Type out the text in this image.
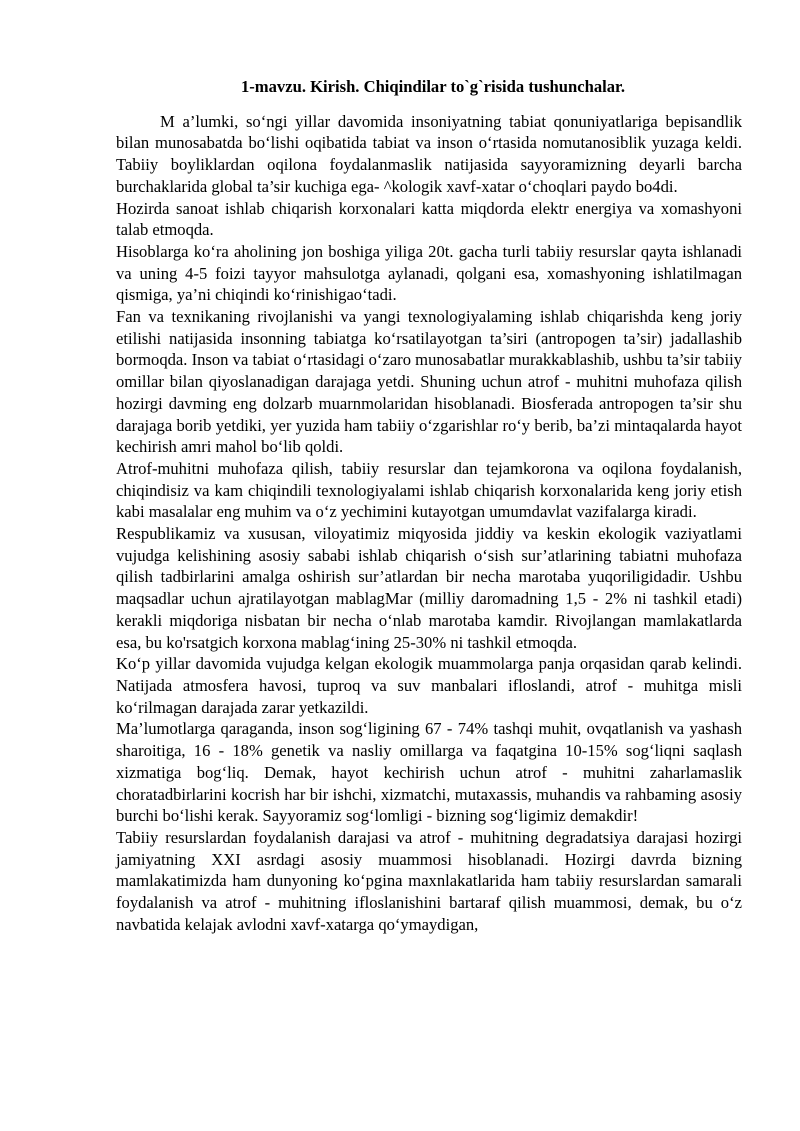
1-mavzu. Kirish. Chiqindilar to`g`risida tushunchalar.

M a’lumki, so‘ngi yillar davomida insoniyatning tabiat qonuniyatlariga bepisandlik bilan munosabatda bo‘lishi oqibatida tabiat va inson o‘rtasida nomutanosiblik yuzaga keldi. Tabiiy boyliklardan oqilona foydalanmaslik natijasida sayyoramizning deyarli barcha burchaklarida global ta’sir kuchiga ega- ^kologik xavf-xatar o‘choqlari paydo bo4di.

Hozirda sanoat ishlab chiqarish korxonalari katta miqdorda elektr energiya va xomashyoni talab etmoqda.

Hisoblarga ko‘ra aholining jon boshiga yiliga 20t. gacha turli tabiiy resurslar qayta ishlanadi va uning 4-5 foizi tayyor mahsulotga aylanadi, qolgani esa, xomashyoning ishlatilmagan qismiga, ya’ni chiqindi ko‘rinishigao‘tadi.

Fan va texnikaning rivojlanishi va yangi texnologiyalaming ishlab chiqarishda keng joriy etilishi natijasida insonning tabiatga ko‘rsatilayotgan ta’siri (antropogen ta’sir) jadallashib bormoqda. Inson va tabiat o‘rtasidagi o‘zaro munosabatlar murakkablashib, ushbu ta’sir tabiiy omillar bilan qiyoslanadigan darajaga yetdi. Shuning uchun atrof - muhitni muhofaza qilish hozirgi davming eng dolzarb muarnmolaridan hisoblanadi. Biosferada antropogen ta’sir shu darajaga borib yetdiki, yer yuzida ham tabiiy o‘zgarishlar ro‘y berib, ba’zi mintaqalarda hayot kechirish amri mahol bo‘lib qoldi.

Atrof-muhitni muhofaza qilish, tabiiy resurslar dan tejamkorona va oqilona foydalanish, chiqindisiz va kam chiqindili texnologiyalami ishlab chiqarish korxonalarida keng joriy etish kabi masalalar eng muhim va o‘z yechimini kutayotgan umumdavlat vazifalarga kiradi.

Respublikamiz va xususan, viloyatimiz miqyosida jiddiy va keskin ekologik vaziyatlami vujudga kelishining asosiy sababi ishlab chiqarish o‘sish sur’atlarining tabiatni muhofaza qilish tadbirlarini amalga oshirish sur’atlardan bir necha marotaba yuqoriligidadir. Ushbu maqsadlar uchun ajratilayotgan mablagMar (milliy daromadning 1,5 - 2% ni tashkil etadi) kerakli miqdoriga nisbatan bir necha o‘nlab marotaba kamdir. Rivojlangan mamlakatlarda esa, bu ko'rsatgich korxona mablag‘ining 25-30% ni tashkil etmoqda.

Ko‘p yillar davomida vujudga kelgan ekologik muammolarga panja orqasidan qarab kelindi. Natijada atmosfera havosi, tuproq va suv manbalari ifloslandi, atrof - muhitga misli ko‘rilmagan darajada zarar yetkazildi.

Ma’lumotlarga qaraganda, inson sog‘ligining 67 - 74% tashqi muhit, ovqatlanish va yashash sharoitiga, 16 - 18% genetik va nasliy omillarga va faqatgina 10-15% sog‘liqni saqlash xizmatiga bog‘liq. Demak, hayot kechirish uchun atrof - muhitni zaharlamaslik choratadbirlarini kocrish har bir ishchi, xizmatchi, mutaxassis, muhandis va rahbaming asosiy burchi bo‘lishi kerak. Sayyoramiz sog‘lomligi - bizning sog‘ligimiz demakdir!

Tabiiy resurslardan foydalanish darajasi va atrof - muhitning degradatsiya darajasi hozirgi jamiyatning XXI asrdagi asosiy muammosi hisoblanadi. Hozirgi davrda bizning mamlakatimizda ham dunyoning ko‘pgina maxnlakatlarida ham tabiiy resurslardan samarali foydalanish va atrof - muhitning ifloslanishini bartaraf qilish muammosi, demak, bu o‘z navbatida kelajak avlodni xavf-xatarga qo‘ymaydigan,
